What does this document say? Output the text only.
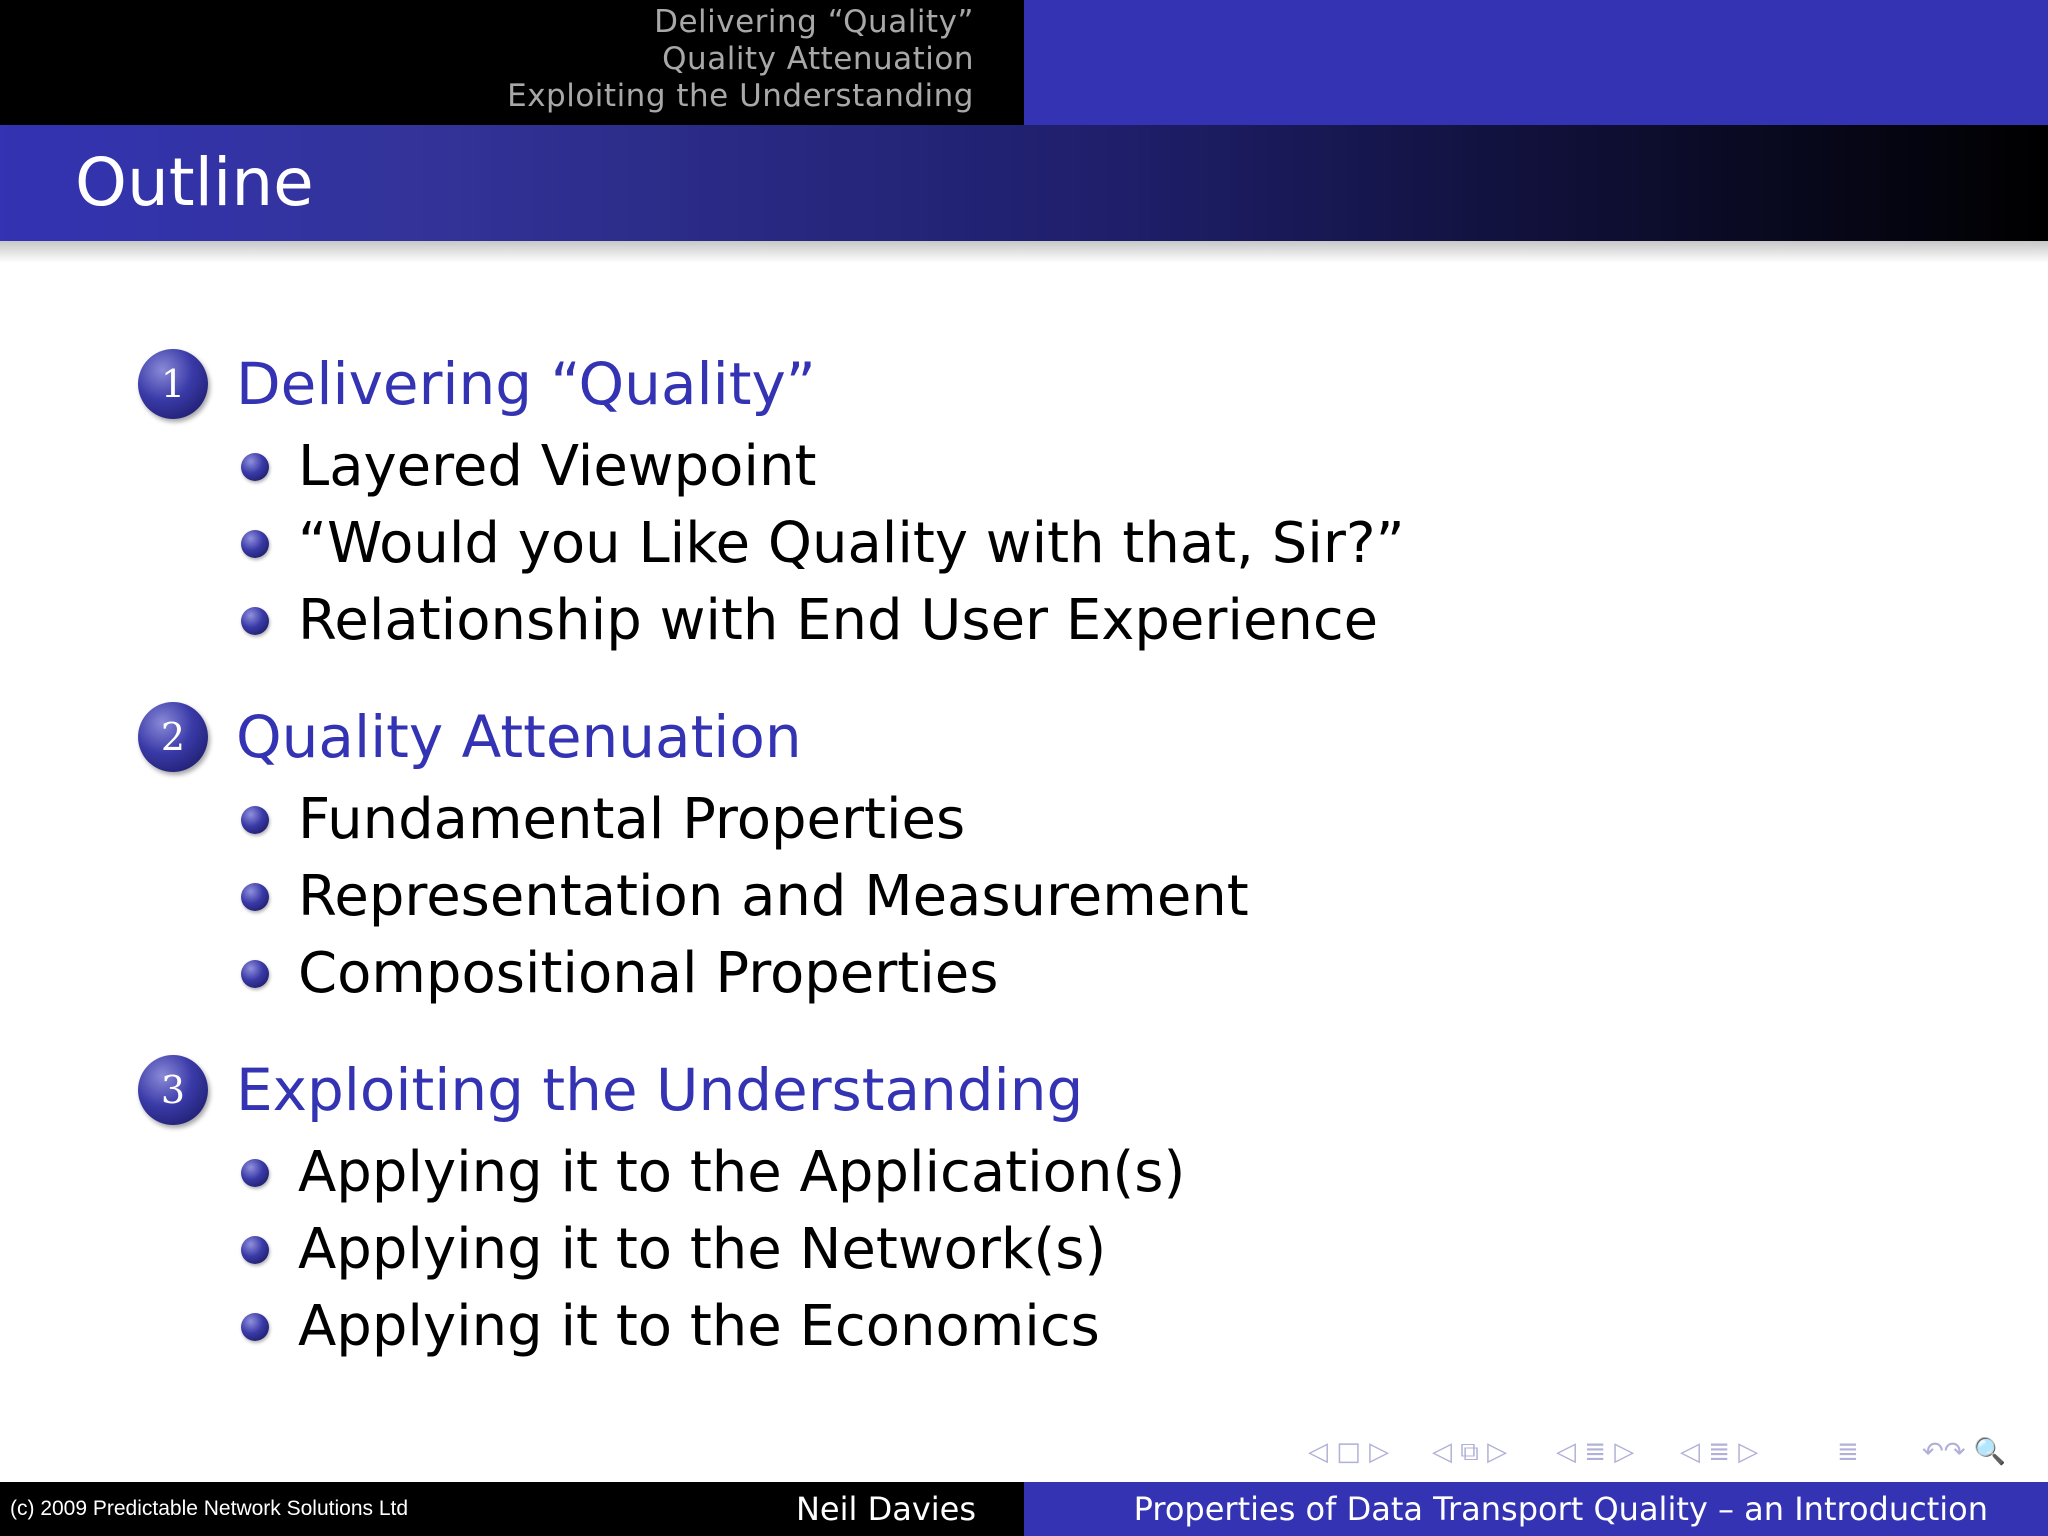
Delivering “Quality”
Quality Attenuation
Exploiting the Understanding
Outline
1 Delivering “Quality”
Layered Viewpoint
“Would you Like Quality with that, Sir?”
Relationship with End User Experience
2 Quality Attenuation
Fundamental Properties
Representation and Measurement
Compositional Properties
3 Exploiting the Understanding
Applying it to the Application(s)
Applying it to the Network(s)
Applying it to the Economics
◁ □ ▷ ◁ ⧉ ▷ ◁ ≣ ▷ ◁ ≣ ▷	≣ ↶↷ 🔍
(c) 2009 Predictable Network Solutions Ltd	Neil Davies	Properties of Data Transport Quality – an Introduction
